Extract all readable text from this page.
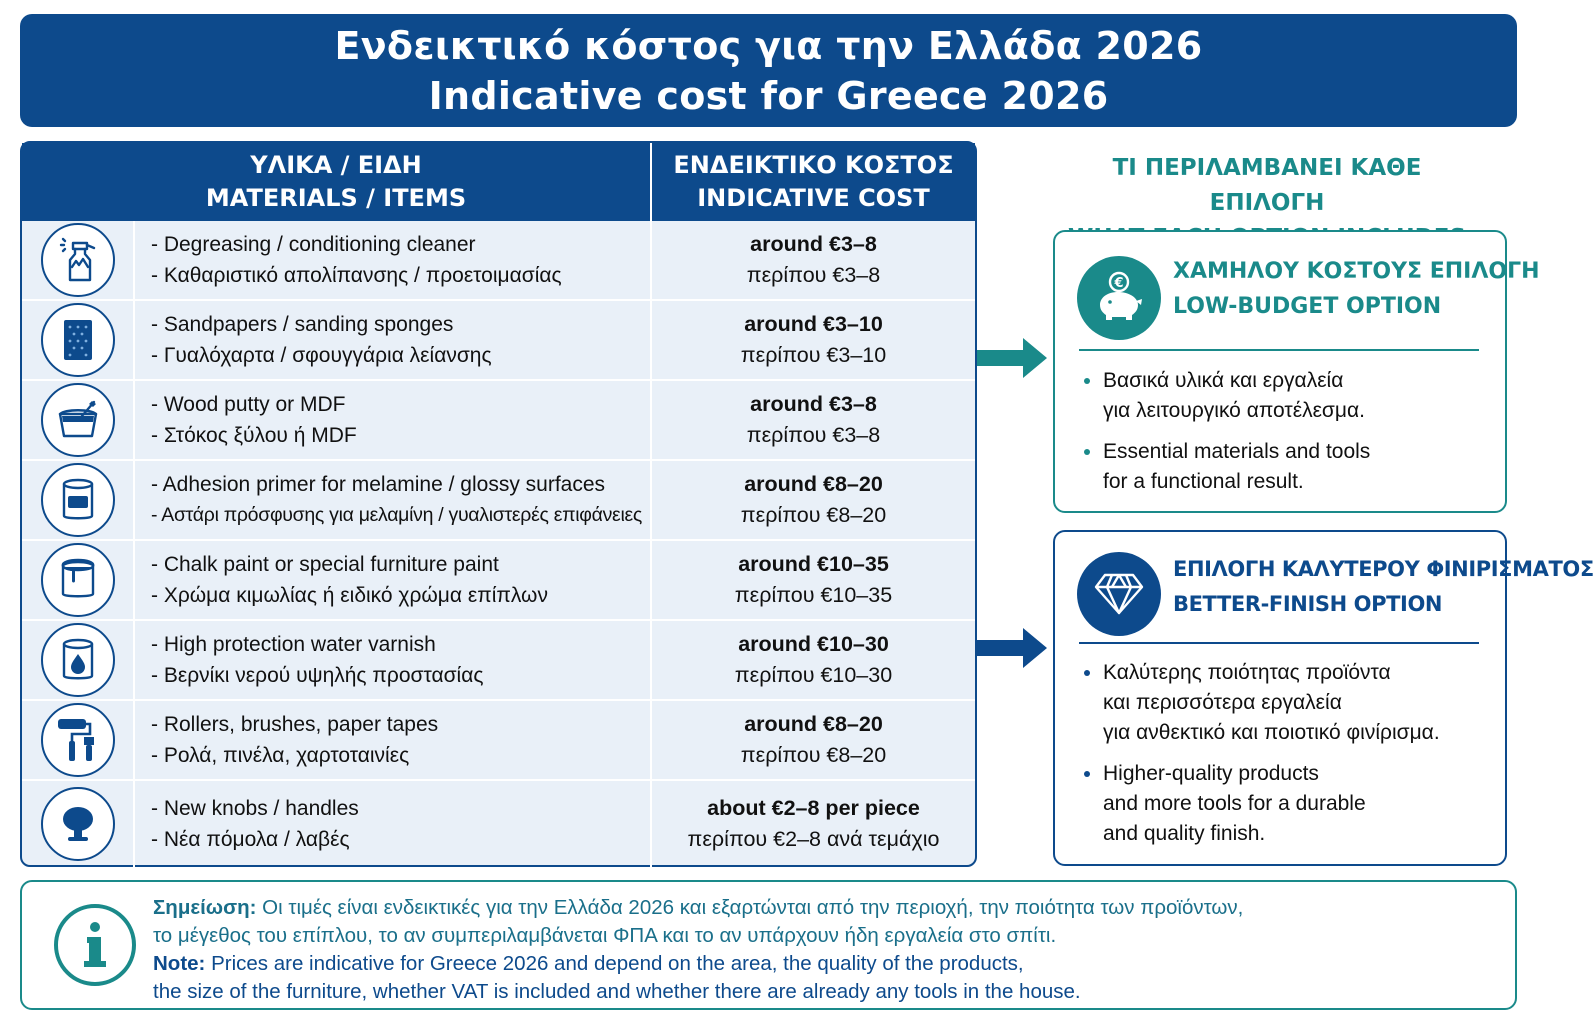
Ενδεικτικό κόστος για την Ελλάδα 2026
Indicative cost for Greece 2026
ΥΛΙΚΑ / ΕΙΔΗ
MATERIALS / ITEMS
ΕΝΔΕΙΚΤΙΚΟ ΚΟΣΤΟΣ
INDICATIVE COST
- Degreasing / conditioning cleaner
- Καθαριστικό απολίπανσης / προετοιμασίας
around €3–8
περίπου €3–8
- Sandpapers / sanding sponges
- Γυαλόχαρτα / σφουγγάρια λείανσης
around €3–10
περίπου €3–10
- Wood putty or MDF
- Στόκος ξύλου ή MDF
around €3–8
περίπου €3–8
- Adhesion primer for melamine / glossy surfaces
- Αστάρι πρόσφυσης για μελαμίνη / γυαλιστερές επιφάνειες
around €8–20
περίπου €8–20
- Chalk paint or special furniture paint
- Χρώμα κιμωλίας ή ειδικό χρώμα επίπλων
around €10–35
περίπου €10–35
- High protection water varnish
- Βερνίκι νερού υψηλής προστασίας
around €10–30
περίπου €10–30
- Rollers, brushes, paper tapes
- Ρολά, πινέλα, χαρτοταινίες
around €8–20
περίπου €8–20
- New knobs / handles
- Νέα πόμολα / λαβές
about €2–8 per piece
περίπου €2–8 ανά τεμάχιο
ΤΙ ΠΕΡΙΛΑΜΒΑΝΕΙ ΚΑΘΕ ΕΠΙΛΟΓΗ
€ ΧΑΜΗΛΟΥ ΚΟΣΤΟΥΣ ΕΠΙΛΟΓΗ
LOW-BUDGET OPTION
Βασικά υλικά και εργαλεία
για λειτουργικό αποτέλεσμα.
Essential materials and tools
for a functional result.
ΕΠΙΛΟΓΗ ΚΑΛΥΤΕΡΟΥ ΦΙΝΙΡΙΣΜΑΤΟΣ
BETTER-FINISH OPTION
Καλύτερης ποιότητας προϊόντα
και περισσότερα εργαλεία
για ανθεκτικό και ποιοτικό φινίρισμα.
Higher-quality products
and more tools for a durable
and quality finish.
Σημείωση: Οι τιμές είναι ενδεικτικές για την Ελλάδα 2026 και εξαρτώνται από την περιοχή, την ποιότητα των προϊόντων,
το μέγεθος του επίπλου, το αν συμπεριλαμβάνεται ΦΠΑ και το αν υπάρχουν ήδη εργαλεία στο σπίτι.
Note: Prices are indicative for Greece 2026 and depend on the area, the quality of the products,
the size of the furniture, whether VAT is included and whether there are already any tools in the house.
